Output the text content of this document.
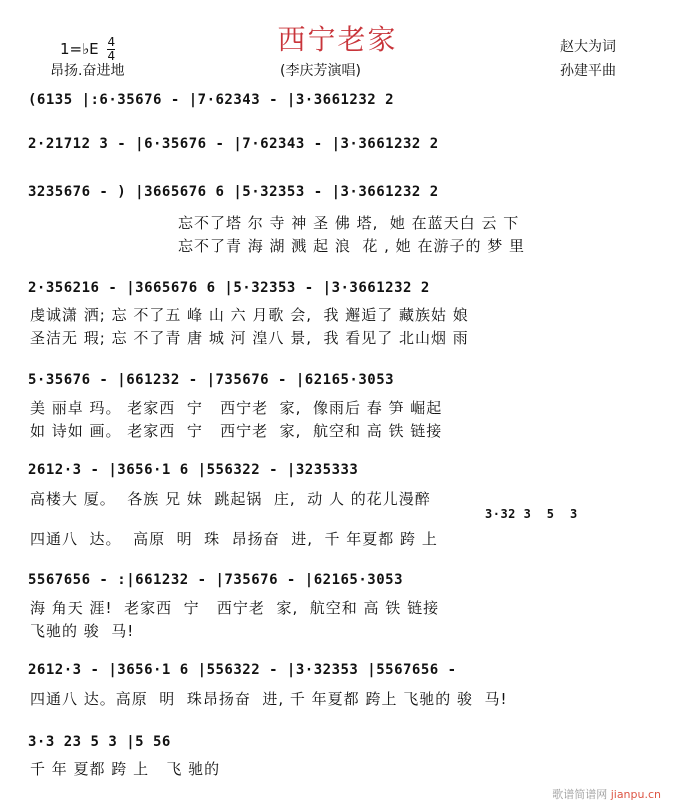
西宁老家
1=♭E $\frac{4}{4}$
昂扬.奋进地	(李庆芳演唱)
赵大为词
孙建平曲
(6135 |:6·35676 - |7·62343 - |3·3661232 2
2·21712 3 - |6·35676 - |7·62343 - |3·3661232 2
3235676 - ) |3665676 6 |5·32353 - |3·3661232 2
忘不了塔 尔 寺 神 圣 佛 塔,  她 在蓝天白 云 下
忘不了青 海 湖 溅 起 浪  花 , 她 在游子的 梦 里
2·356216 - |3665676 6 |5·32353 - |3·3661232 2
虔诚潇 洒; 忘 不了五 峰 山 六 月歌 会,  我 邂逅了 藏族姑 娘
圣洁无 瑕; 忘 不了青 唐 城 河 湟八 景,  我 看见了 北山烟 雨
5·35676 - |661232 - |735676 - |62165·3053
美 丽卓 玛。 老家西  宁   西宁老  家,  像雨后 春 笋 崛起
如 诗如 画。 老家西  宁   西宁老  家,  航空和 高 铁 链接
2612·3 - |3656·1 6 |556322 - |3235333
高楼大 厦。  各族 兄 妹  跳起锅  庄,  动 人 的花儿漫醉
3·32 3  5  3
四通八  达。  高原  明  珠  昂扬奋  进,  千 年夏都 跨 上
5567656 - :|661232 - |735676 - |62165·3053
海 角天 涯!  老家西  宁   西宁老  家,  航空和 高 铁 链接
飞驰的 骏  马!
2612·3 - |3656·1 6 |556322 - |3·32353 |5567656 -
四通八 达。高原  明  珠昂扬奋  进, 千 年夏都 跨上 飞驰的 骏  马!
3·3 23 5 3 |5 56
千 年 夏都 跨 上   飞 驰的
歌谱简谱网 jianpu.cn
